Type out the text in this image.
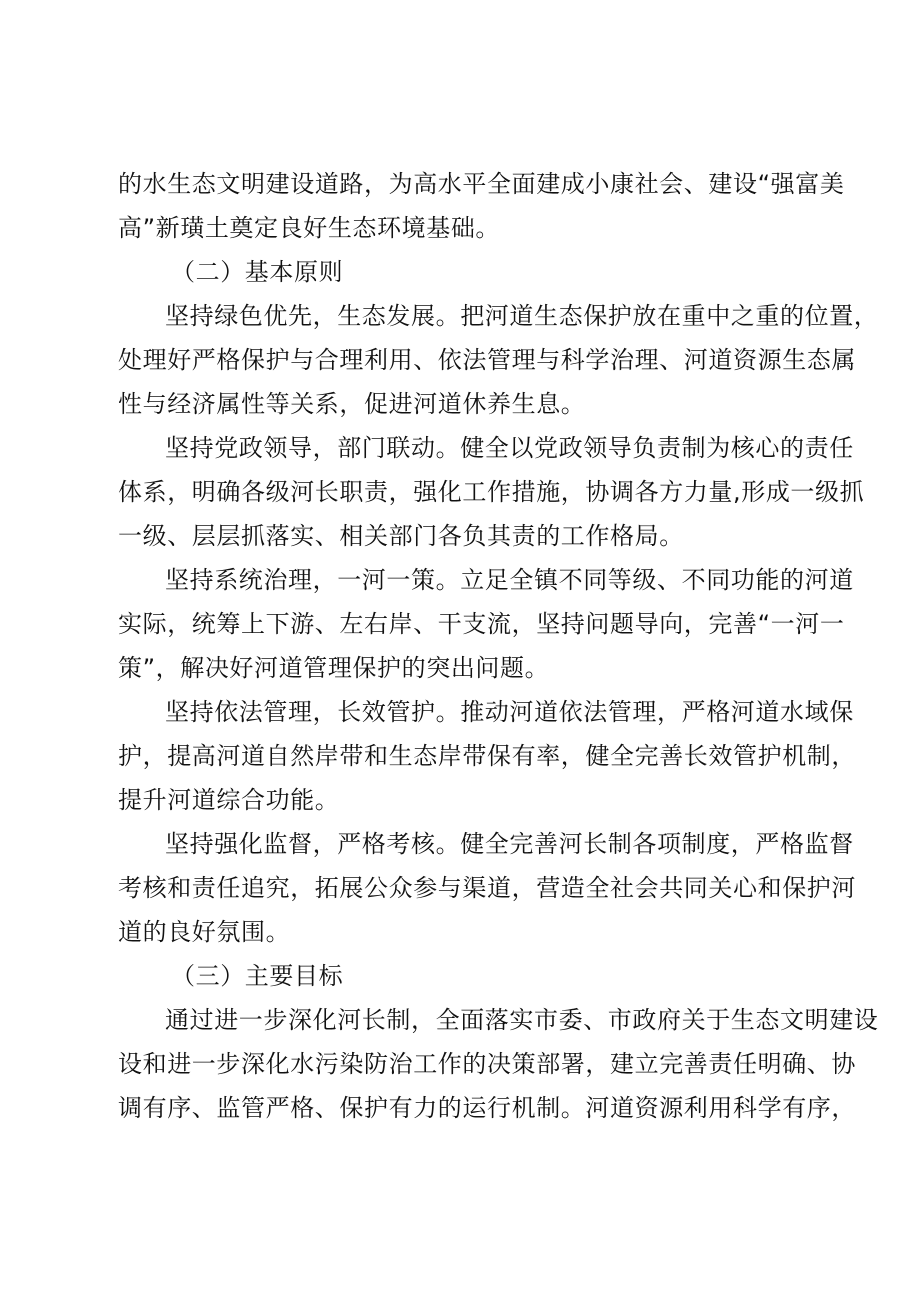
的水生态文明建设道路，为高水平全面建成小康社会、建设“强富美
高”新璜土奠定良好生态环境基础。
（二）基本原则
坚持绿色优先，生态发展。把河道生态保护放在重中之重的位置，
处理好严格保护与合理利用、依法管理与科学治理、河道资源生态属
性与经济属性等关系，促进河道休养生息。
坚持党政领导，部门联动。健全以党政领导负责制为核心的责任
体系，明确各级河长职责，强化工作措施，协调各方力量,形成一级抓
一级、层层抓落实、相关部门各负其责的工作格局。
坚持系统治理，一河一策。立足全镇不同等级、不同功能的河道
实际，统筹上下游、左右岸、干支流，坚持问题导向，完善“一河一
策”，解决好河道管理保护的突出问题。
坚持依法管理，长效管护。推动河道依法管理，严格河道水域保
护，提高河道自然岸带和生态岸带保有率，健全完善长效管护机制，
提升河道综合功能。
坚持强化监督，严格考核。健全完善河长制各项制度，严格监督
考核和责任追究，拓展公众参与渠道，营造全社会共同关心和保护河
道的良好氛围。
（三）主要目标
通过进一步深化河长制，全面落实市委、市政府关于生态文明建设
设和进一步深化水污染防治工作的决策部署，建立完善责任明确、协
调有序、监管严格、保护有力的运行机制。河道资源利用科学有序，
